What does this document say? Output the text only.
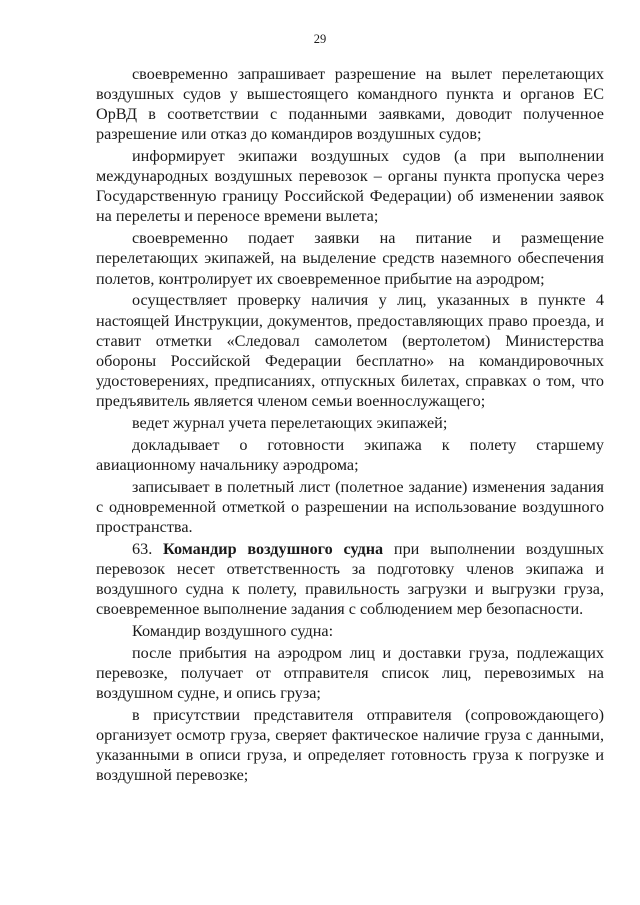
29

своевременно запрашивает разрешение на вылет перелетающих воздушных судов у вышестоящего командного пункта и органов ЕС ОрВД в соответствии с поданными заявками, доводит полученное разрешение или отказ до командиров воздушных судов;

информирует экипажи воздушных судов (а при выполнении международных воздушных перевозок – органы пункта пропуска через Государственную границу Российской Федерации) об изменении заявок на перелеты и переносе времени вылета;

своевременно подает заявки на питание и размещение перелетающих экипажей, на выделение средств наземного обеспечения полетов, контролирует их своевременное прибытие на аэродром;

осуществляет проверку наличия у лиц, указанных в пункте 4 настоящей Инструкции, документов, предоставляющих право проезда, и ставит отметки «Следовал самолетом (вертолетом) Министерства обороны Российской Федерации бесплатно» на командировочных удостоверениях, предписаниях, отпускных билетах, справках о том, что предъявитель является членом семьи военнослужащего;

ведет журнал учета перелетающих экипажей;

докладывает о готовности экипажа к полету старшему авиационному начальнику аэродрома;

записывает в полетный лист (полетное задание) изменения задания с одновременной отметкой о разрешении на использование воздушного пространства.

63. Командир воздушного судна при выполнении воздушных перевозок несет ответственность за подготовку членов экипажа и воздушного судна к полету, правильность загрузки и выгрузки груза, своевременное выполнение задания с соблюдением мер безопасности.

Командир воздушного судна:

после прибытия на аэродром лиц и доставки груза, подлежащих перевозке, получает от отправителя список лиц, перевозимых на воздушном судне, и опись груза;

в присутствии представителя отправителя (сопровождающего) организует осмотр груза, сверяет фактическое наличие груза с данными, указанными в описи груза, и определяет готовность груза к погрузке и воздушной перевозке;
